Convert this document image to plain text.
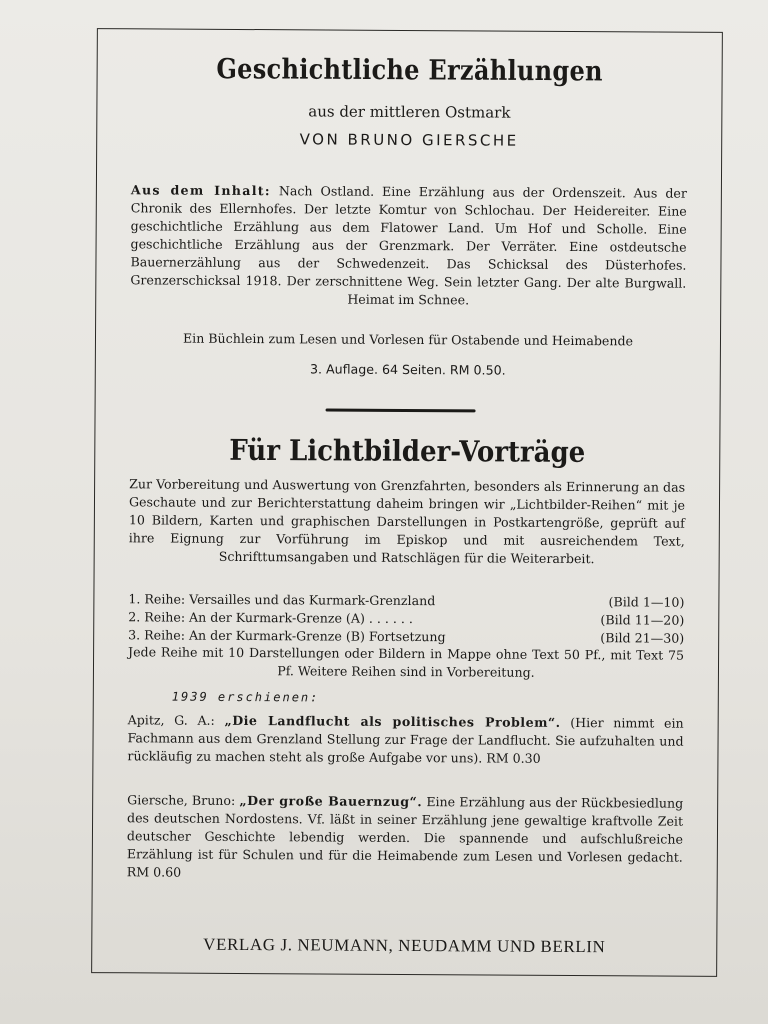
Geschichtliche Erzählungen
aus der mittleren Ostmark
VON BRUNO GIERSCHE
Aus dem Inhalt: Nach Ostland. Eine Erzählung aus der Ordenszeit. Aus der Chronik des Ellernhofes. Der letzte Komtur von Schlochau. Der Heidereiter. Eine geschichtliche Erzählung aus dem Flatower Land. Um Hof und Scholle. Eine geschichtliche Erzählung aus der Grenzmark. Der Verräter. Eine ostdeutsche Bauernerzählung aus der Schwedenzeit. Das Schicksal des Düsterhofes. Grenzerschicksal 1918. Der zerschnittene Weg. Sein letzter Gang. Der alte Burgwall. Heimat im Schnee.
Ein Büchlein zum Lesen und Vorlesen für Ostabende und Heimabende
3. Auflage. 64 Seiten. RM 0.50.
Für Lichtbilder-Vorträge
Zur Vorbereitung und Auswertung von Grenzfahrten, besonders als Erinnerung an das Geschaute und zur Berichterstattung daheim bringen wir „Lichtbilder-Reihen“ mit je 10 Bildern, Karten und graphischen Darstellungen in Postkartengröße, geprüft auf ihre Eignung zur Vorführung im Episkop und mit ausreichendem Text, Schrifttumsangaben und Ratschlägen für die Weiterarbeit.
1. Reihe: Versailles und das Kurmark-Grenzland	(Bild 1—10)
2. Reihe: An der Kurmark-Grenze (A) . . . . . .	(Bild 11—20)
3. Reihe: An der Kurmark-Grenze (B) Fortsetzung	(Bild 21—30)
Jede Reihe mit 10 Darstellungen oder Bildern in Mappe ohne Text 50 Pf., mit Text 75 Pf. Weitere Reihen sind in Vorbereitung.
1939 erschienen:
Apitz, G. A.: „Die Landflucht als politisches Problem“. (Hier nimmt ein Fachmann aus dem Grenzland Stellung zur Frage der Landflucht. Sie aufzuhalten und rückläufig zu machen steht als große Aufgabe vor uns). RM 0.30
Giersche, Bruno: „Der große Bauernzug“. Eine Erzählung aus der Rückbesiedlung des deutschen Nordostens. Vf. läßt in seiner Erzählung jene gewaltige kraftvolle Zeit deutscher Geschichte lebendig werden. Die spannende und aufschlußreiche Erzählung ist für Schulen und für die Heimabende zum Lesen und Vorlesen gedacht. RM 0.60
VERLAG J. NEUMANN, NEUDAMM UND BERLIN
